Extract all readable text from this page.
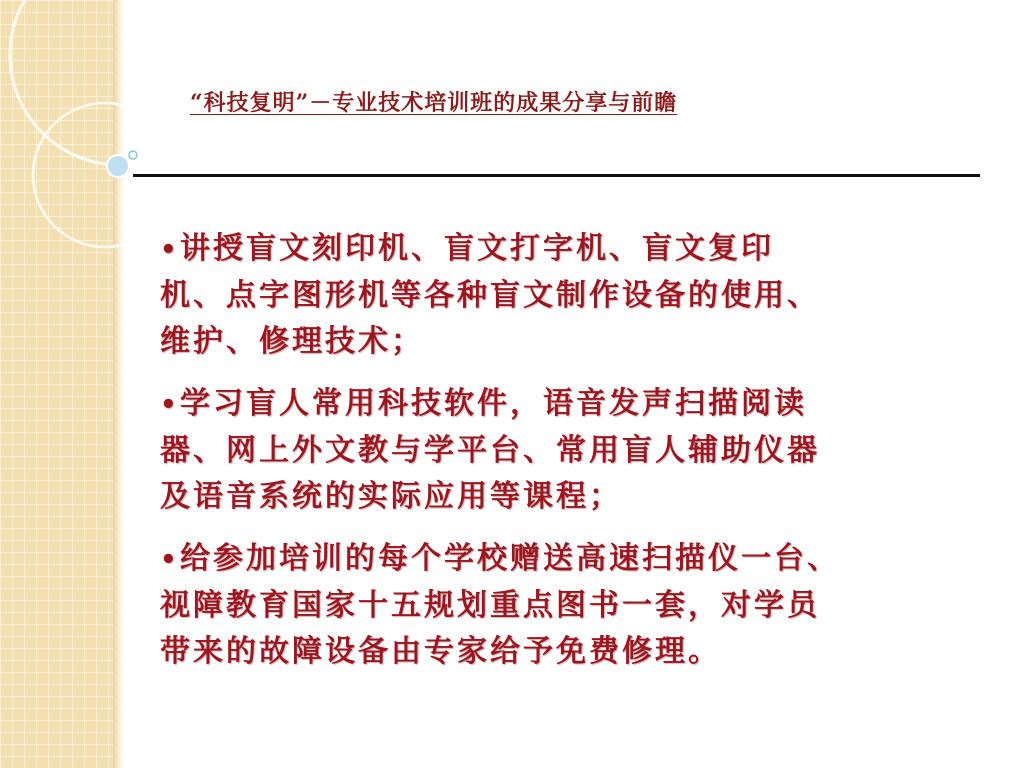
“科技复明”－专业技术培训班的成果分享与前瞻
•讲授盲文刻印机、盲文打字机、盲文复印
机、点字图形机等各种盲文制作设备的使用、
维护、修理技术；
•学习盲人常用科技软件，语音发声扫描阅读
器、网上外文教与学平台、常用盲人辅助仪器
及语音系统的实际应用等课程；
•给参加培训的每个学校赠送高速扫描仪一台、
视障教育国家十五规划重点图书一套，对学员
带来的故障设备由专家给予免费修理。
